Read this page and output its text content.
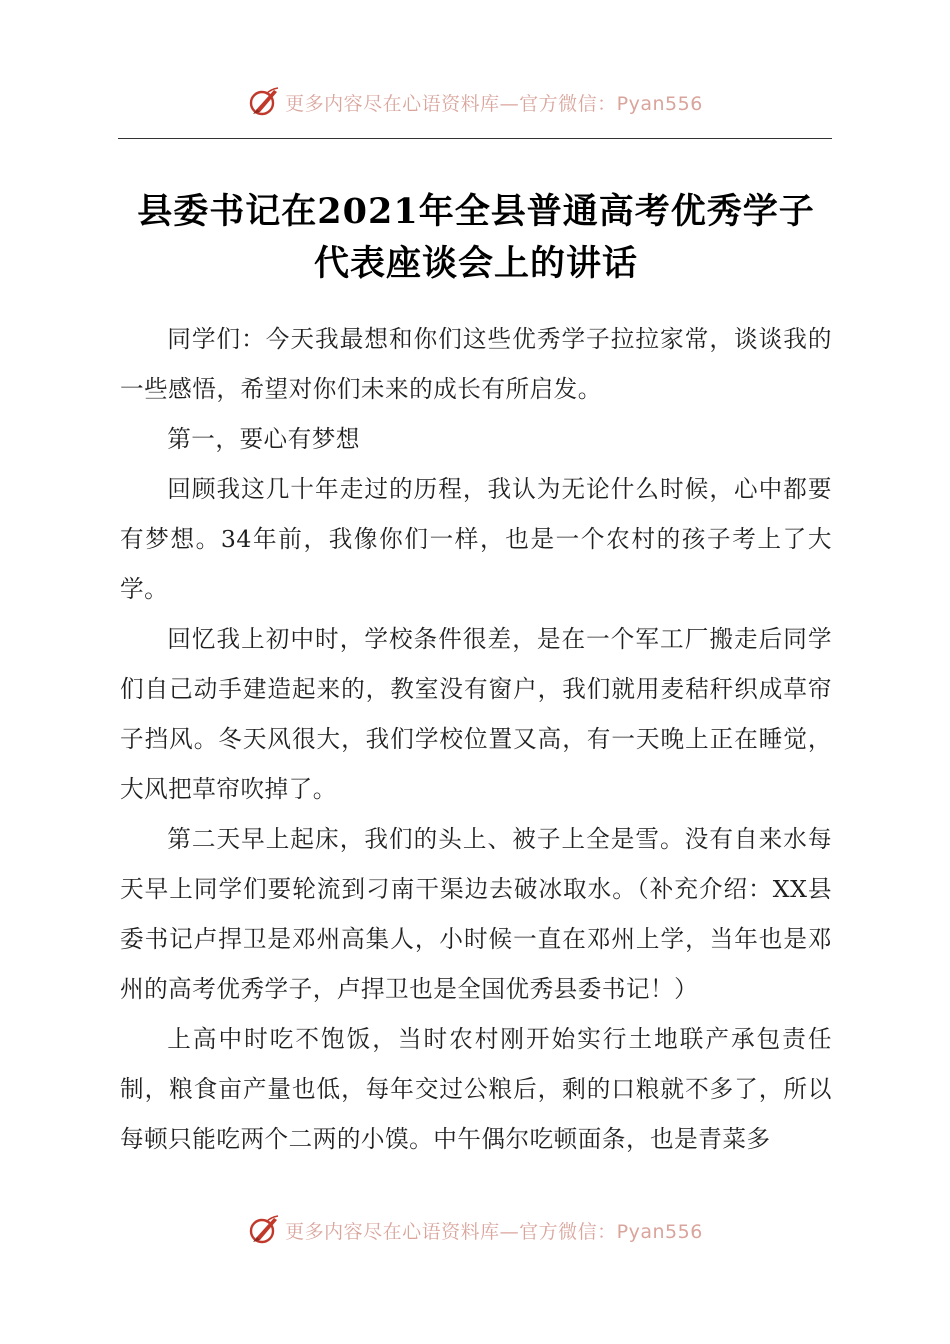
更多内容尽在心语资料库—官方微信：Pyan556
县委书记在2021年全县普通高考优秀学子代表座谈会上的讲话

同学们：今天我最想和你们这些优秀学子拉拉家常，谈谈我的一些感悟，希望对你们未来的成长有所启发。

第一，要心有梦想

回顾我这几十年走过的历程，我认为无论什么时候，心中都要有梦想。34年前，我像你们一样，也是一个农村的孩子考上了大学。

回忆我上初中时，学校条件很差，是在一个军工厂搬走后同学们自己动手建造起来的，教室没有窗户，我们就用麦秸秆织成草帘子挡风。冬天风很大，我们学校位置又高，有一天晚上正在睡觉，大风把草帘吹掉了。

第二天早上起床，我们的头上、被子上全是雪。没有自来水每天早上同学们要轮流到刁南干渠边去破冰取水。（补充介绍：XX县委书记卢捍卫是邓州高集人，小时候一直在邓州上学，当年也是邓州的高考优秀学子，卢捍卫也是全国优秀县委书记！）

上高中时吃不饱饭，当时农村刚开始实行土地联产承包责任制，粮食亩产量也低，每年交过公粮后，剩的口粮就不多了，所以每顿只能吃两个二两的小馍。中午偶尔吃顿面条，也是青菜多

更多内容尽在心语资料库—官方微信：Pyan556
